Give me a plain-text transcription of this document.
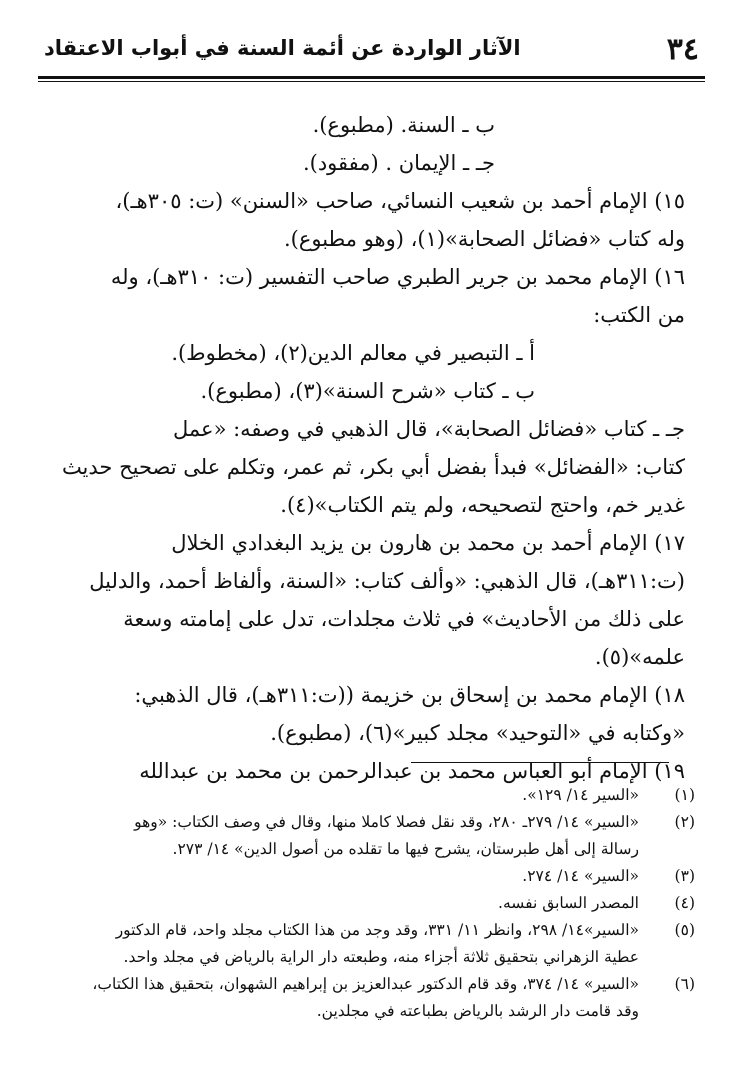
٣٤
الآثار الواردة عن أئمة السنة في أبواب الاعتقاد
ب ـ السنة. (مطبوع).
جـ ـ الإيمان . (مفقود).
١٥) الإمام أحمد بن شعيب النسائي، صاحب «السنن» (ت: ٣٠٥هـ)،
وله كتاب «فضائل الصحابة»(١)، (وهو مطبوع).
١٦) الإمام محمد بن جرير الطبري صاحب التفسير (ت: ٣١٠هـ)، وله
من الكتب:
أ ـ التبصير في معالم الدين(٢)، (مخطوط).
ب ـ كتاب «شرح السنة»(٣)، (مطبوع).
جـ ـ كتاب «فضائل الصحابة»، قال الذهبي في وصفه: «عمل
كتاب: «الفضائل» فبدأ بفضل أبي بكر، ثم عمر، وتكلم على تصحيح حديث
غدير خم، واحتج لتصحيحه، ولم يتم الكتاب»(٤).
١٧) الإمام أحمد بن محمد بن هارون بن يزيد البغدادي الخلال
(ت:٣١١هـ)، قال الذهبي: «وألف كتاب: «السنة، وألفاظ أحمد، والدليل
على ذلك من الأحاديث» في ثلاث مجلدات، تدل على إمامته وسعة
علمه»(٥).
١٨) الإمام محمد بن إسحاق بن خزيمة ((ت:٣١١هـ)، قال الذهبي:
«وكتابه في «التوحيد» مجلد كبير»(٦)، (مطبوع).
١٩) الإمام أبو العباس محمد بن عبدالرحمن بن محمد بن عبدالله
(١)
«السير ١٤/ ١٢٩».
(٢)
«السير» ١٤/ ٢٧٩ـ ٢٨٠، وقد نقل فصلا كاملا منها، وقال في وصف الكتاب: «وهو
رسالة إلى أهل طبرستان، يشرح فيها ما تقلده من أصول الدين» ١٤/ ٢٧٣.
(٣)
«السير» ١٤/ ٢٧٤.
(٤)
المصدر السابق نفسه.
(٥)
«السير»١٤/ ٢٩٨، وانظر ١١/ ٣٣١، وقد وجد من هذا الكتاب مجلد واحد، قام الدكتور
عطية الزهراني بتحقيق ثلاثة أجزاء منه، وطبعته دار الراية بالرياض في مجلد واحد.
(٦)
«السير» ١٤/ ٣٧٤، وقد قام الدكتور عبدالعزيز بن إبراهيم الشهوان، بتحقيق هذا الكتاب،
وقد قامت دار الرشد بالرياض بطباعته في مجلدين.
